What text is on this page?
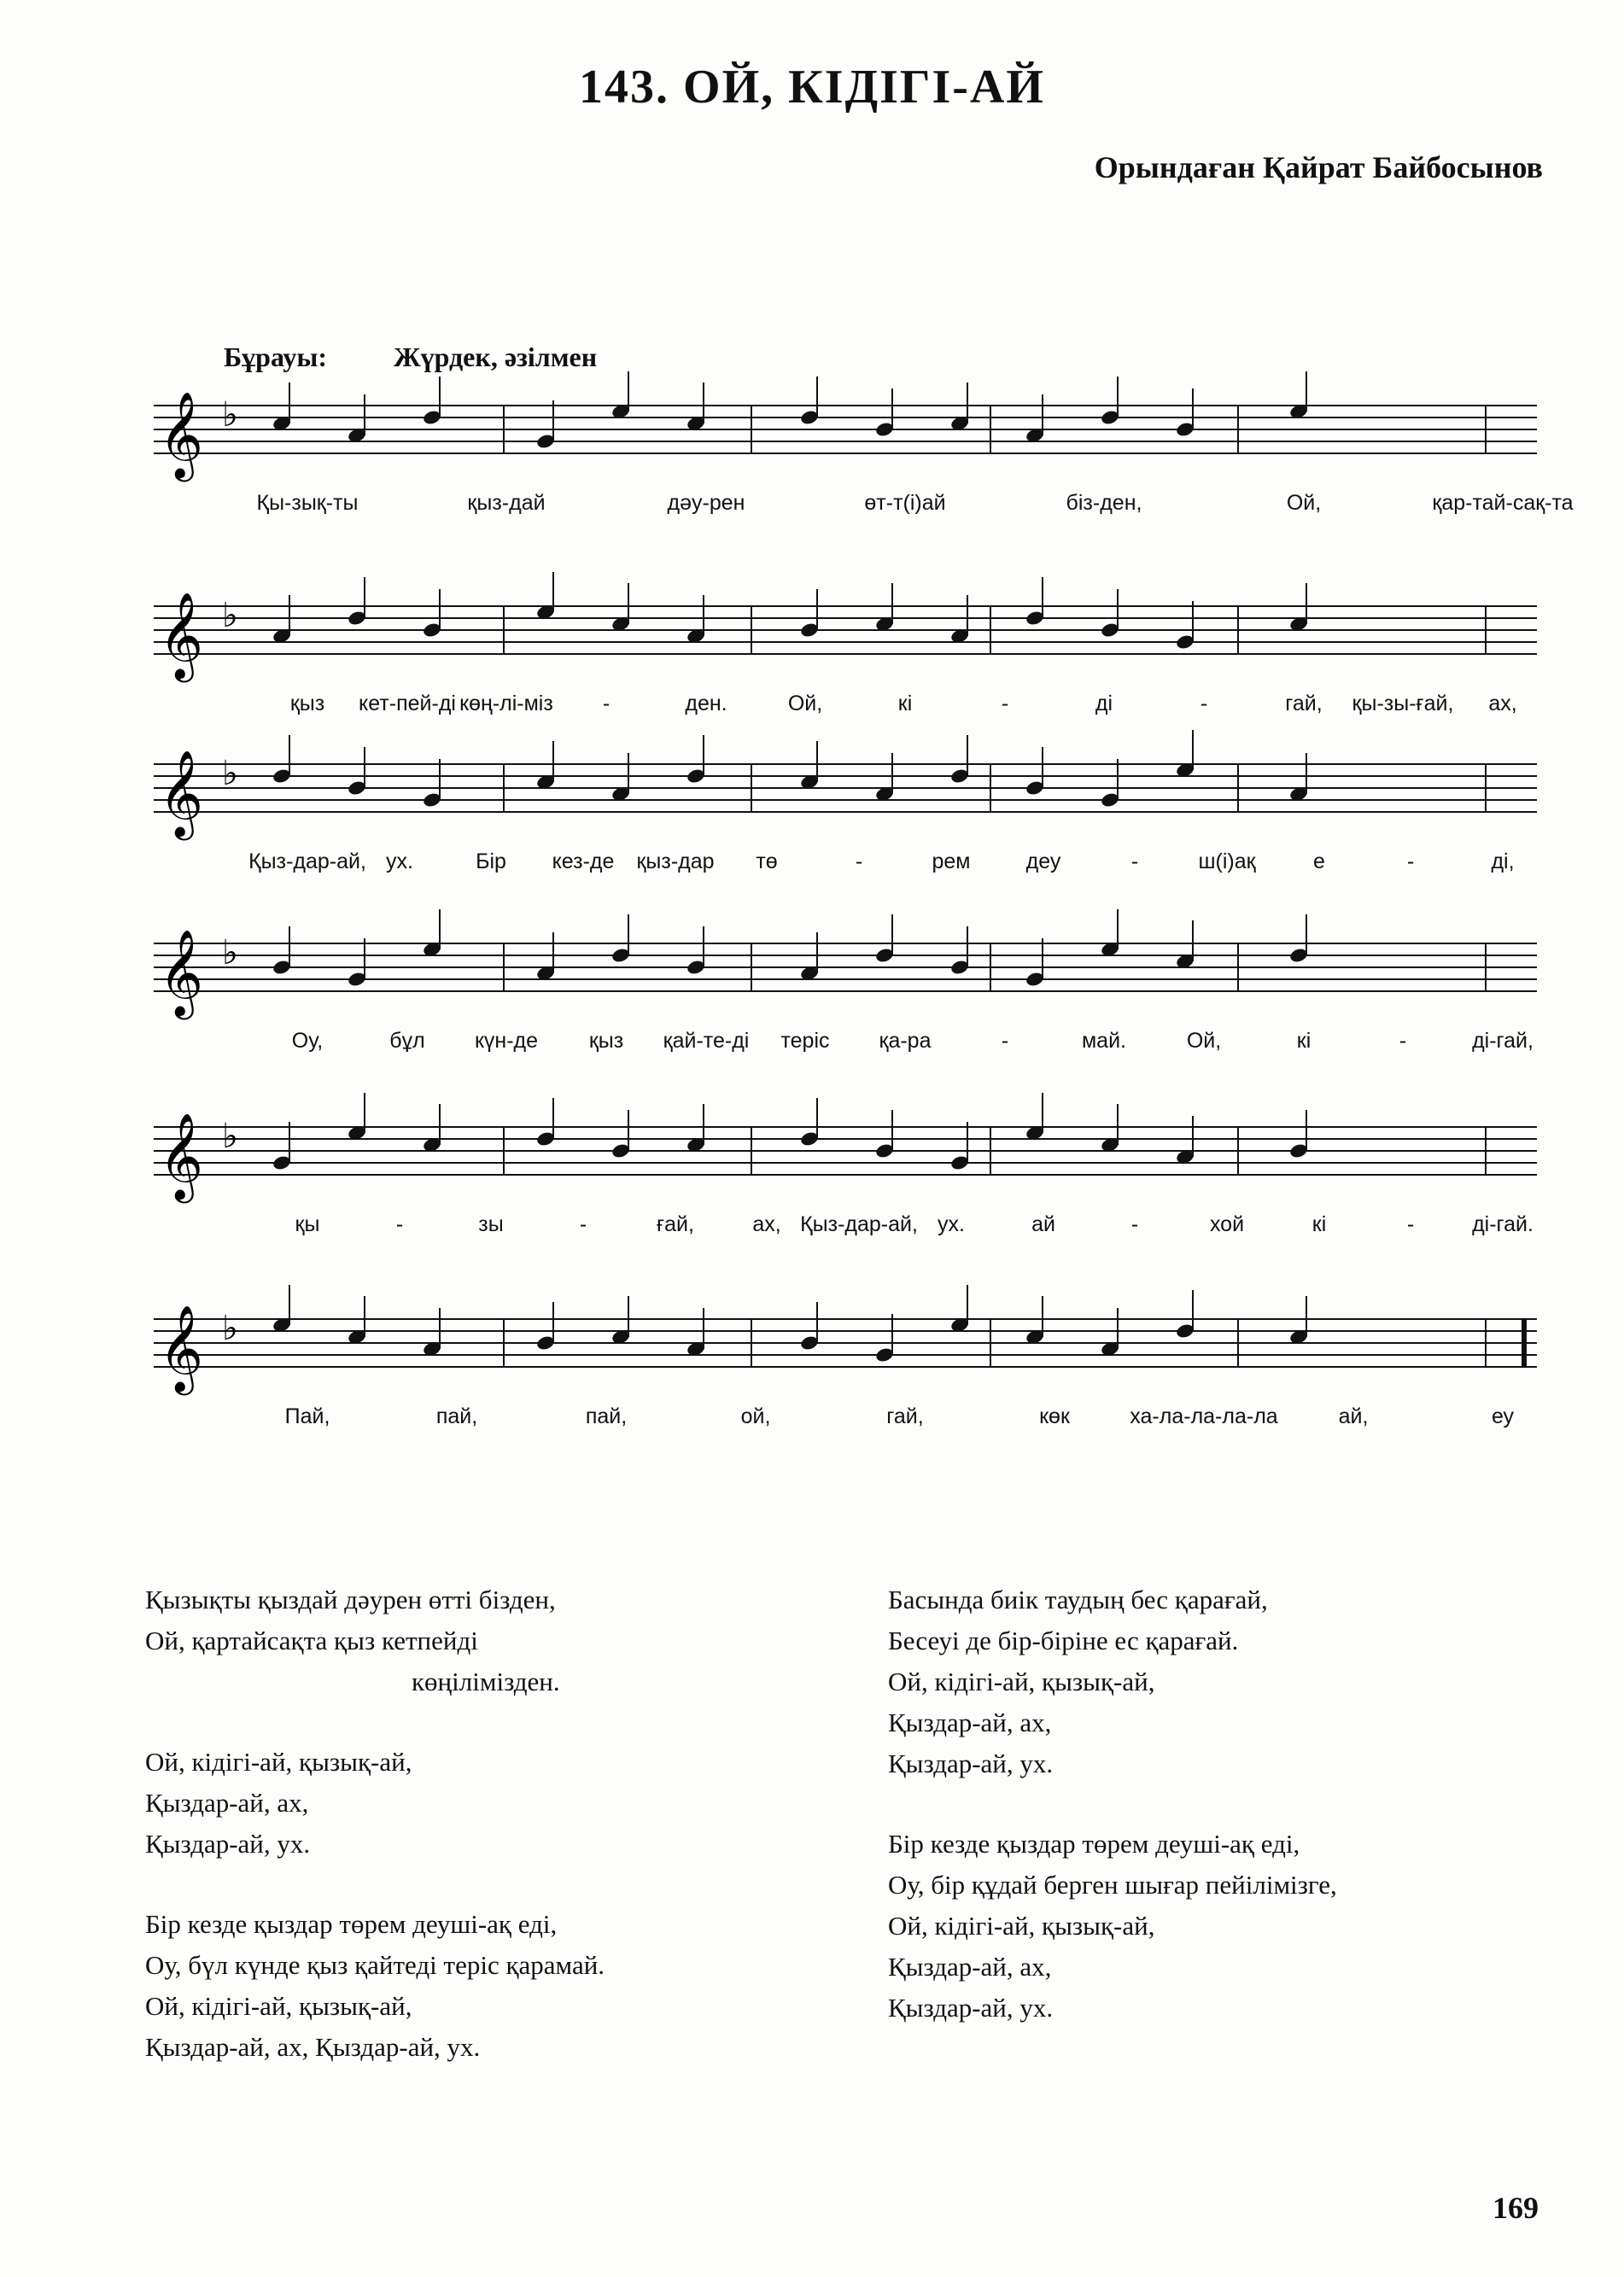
143. ОЙ, КІДІГІ-АЙ
Орындаған Қайрат Байбосынов
Бұрауы: Жүрдек, әзілмен
𝄞 ♭
Қы-зық-ты	қыз-дай	дəу-рен	өт-т(і)ай	біз-ден,	Ой,	қар-тай-сақ-та
𝄞 ♭
қыз кет-пей-ді көң-лі-міз -	ден.	Ой,	кі	-	ді	-	гай, қы-зы-ғай, ах,
𝄞 ♭
Қыз-дар-ай, ух.	Бір кез-де қыз-дар тө	-	рем	деу	-	ш(і)ақ	е	-	ді,
𝄞 ♭
Оу,	бұл күн-де қыз қай-те-ді теріс қа-ра	-	май.	Ой,	кі	-	ді-гай,
𝄞 ♭
қы	-	зы	-	ғай,	ах, Қыз-дар-ай, ух.	ай	-	хой	кі	-	ді-гай.
𝄞 ♭
Пай,	пай,	пай,	ой,	гай,	көк	ха-ла-ла-ла-ла	ай,	еу
Қызықты қыздай дəурен өтті бізден,
Ой, қартайсақта қыз кетпейді
көңілімізден.
Ой, кідігі-ай, қызық-ай,
Қыздар-ай, ах,
Қыздар-ай, ух.
Бір кезде қыздар төрем деуші-ақ еді,
Оу, бүл күнде қыз қайтеді теріс қарамай.
Ой, кідігі-ай, қызық-ай,
Қыздар-ай, ах, Қыздар-ай, ух.
Басында биік таудың бес қарағай,
Бесеуі де бір-біріне ес қарағай.
Ой, кідігі-ай, қызық-ай,
Қыздар-ай, ах,
Қыздар-ай, ух.
Бір кезде қыздар төрем деуші-ақ еді,
Оу, бір құдай берген шығар пейілімізге,
Ой, кідігі-ай, қызық-ай,
Қыздар-ай, ах,
Қыздар-ай, ух.
169
